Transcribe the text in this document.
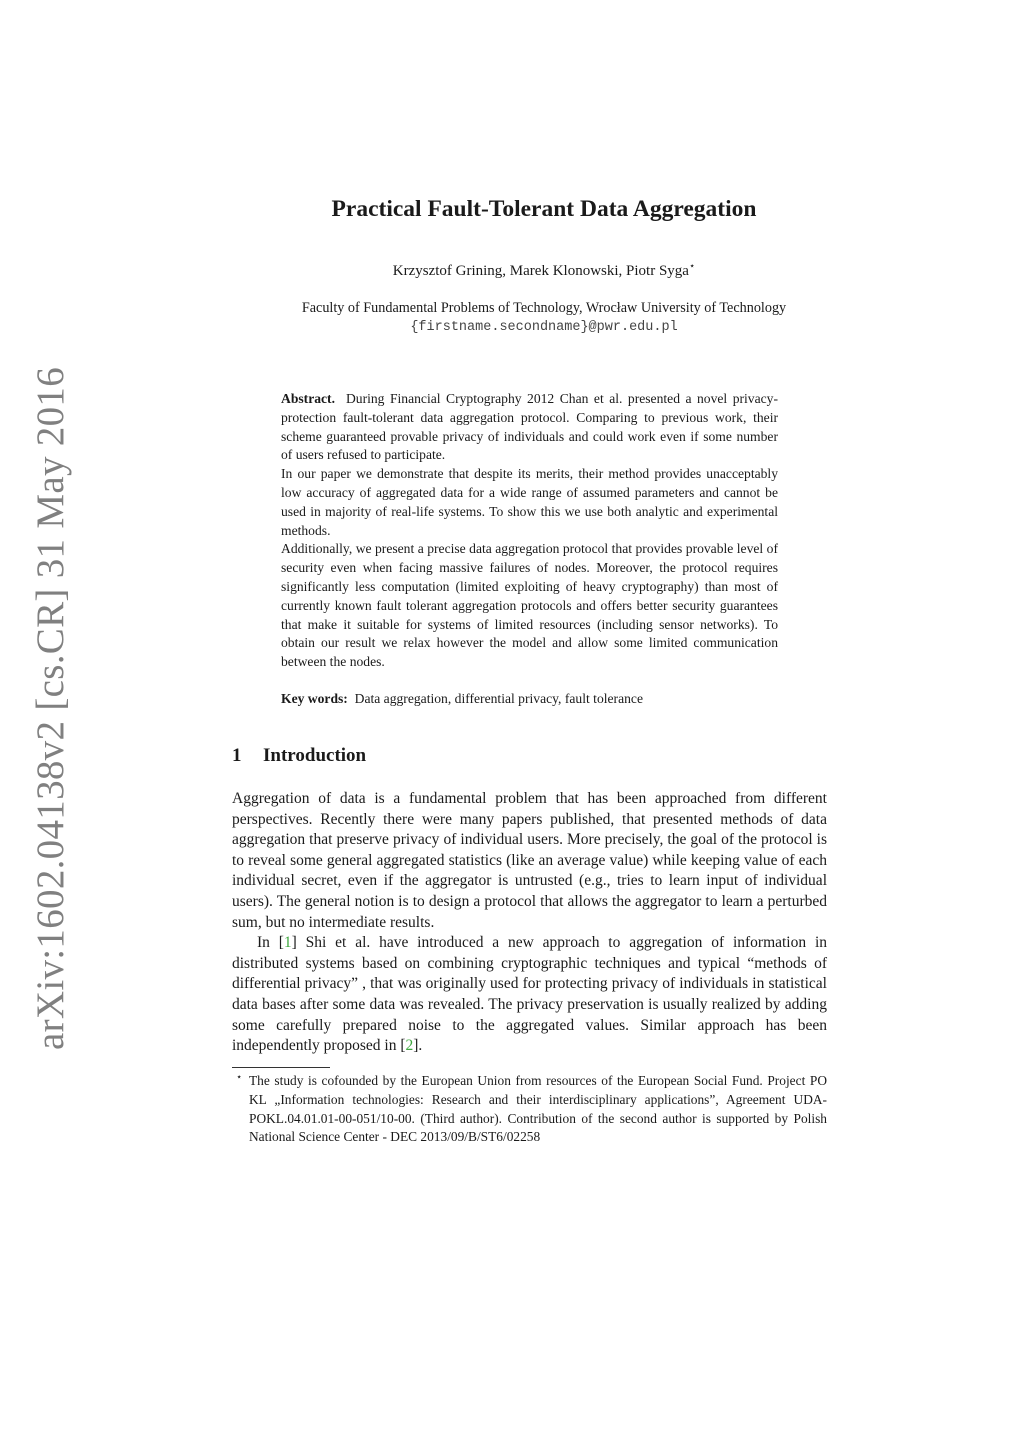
arXiv:1602.04138v2 [cs.CR] 31 May 2016
Practical Fault-Tolerant Data Aggregation
Krzysztof Grining, Marek Klonowski, Piotr Syga⋆
Faculty of Fundamental Problems of Technology, Wrocław University of Technology
{firstname.secondname}@pwr.edu.pl

Abstract. During Financial Cryptography 2012 Chan et al. presented a novel privacy-protection fault-tolerant data aggregation protocol. Comparing to previous work, their scheme guaranteed provable privacy of individuals and could work even if some number of users refused to participate.

In our paper we demonstrate that despite its merits, their method provides unacceptably low accuracy of aggregated data for a wide range of assumed parameters and cannot be used in majority of real-life systems. To show this we use both analytic and experimental methods.

Additionally, we present a precise data aggregation protocol that provides provable level of security even when facing massive failures of nodes. Moreover, the protocol requires significantly less computation (limited exploiting of heavy cryptography) than most of currently known fault tolerant aggregation protocols and offers better security guarantees that make it suitable for systems of limited resources (including sensor networks). To obtain our result we relax however the model and allow some limited communication between the nodes.

Key words: Data aggregation, differential privacy, fault tolerance
1 Introduction

Aggregation of data is a fundamental problem that has been approached from different perspectives. Recently there were many papers published, that presented methods of data aggregation that preserve privacy of individual users. More precisely, the goal of the protocol is to reveal some general aggregated statistics (like an average value) while keeping value of each individual secret, even if the aggregator is untrusted (e.g., tries to learn input of individual users). The general notion is to design a protocol that allows the aggregator to learn a perturbed sum, but no intermediate results.

In [1] Shi et al. have introduced a new approach to aggregation of information in distributed systems based on combining cryptographic techniques and typical “methods of differential privacy” , that was originally used for protecting privacy of individuals in statistical data bases after some data was revealed. The privacy preservation is usually realized by adding some carefully prepared noise to the aggregated values. Similar approach has been independently proposed in [2].

⋆ The study is cofounded by the European Union from resources of the European Social Fund. Project PO KL „Information technologies: Research and their interdisciplinary applications”, Agreement UDA-POKL.04.01.01-00-051/10-00. (Third author). Contribution of the second author is supported by Polish National Science Center - DEC 2013/09/B/ST6/02258
